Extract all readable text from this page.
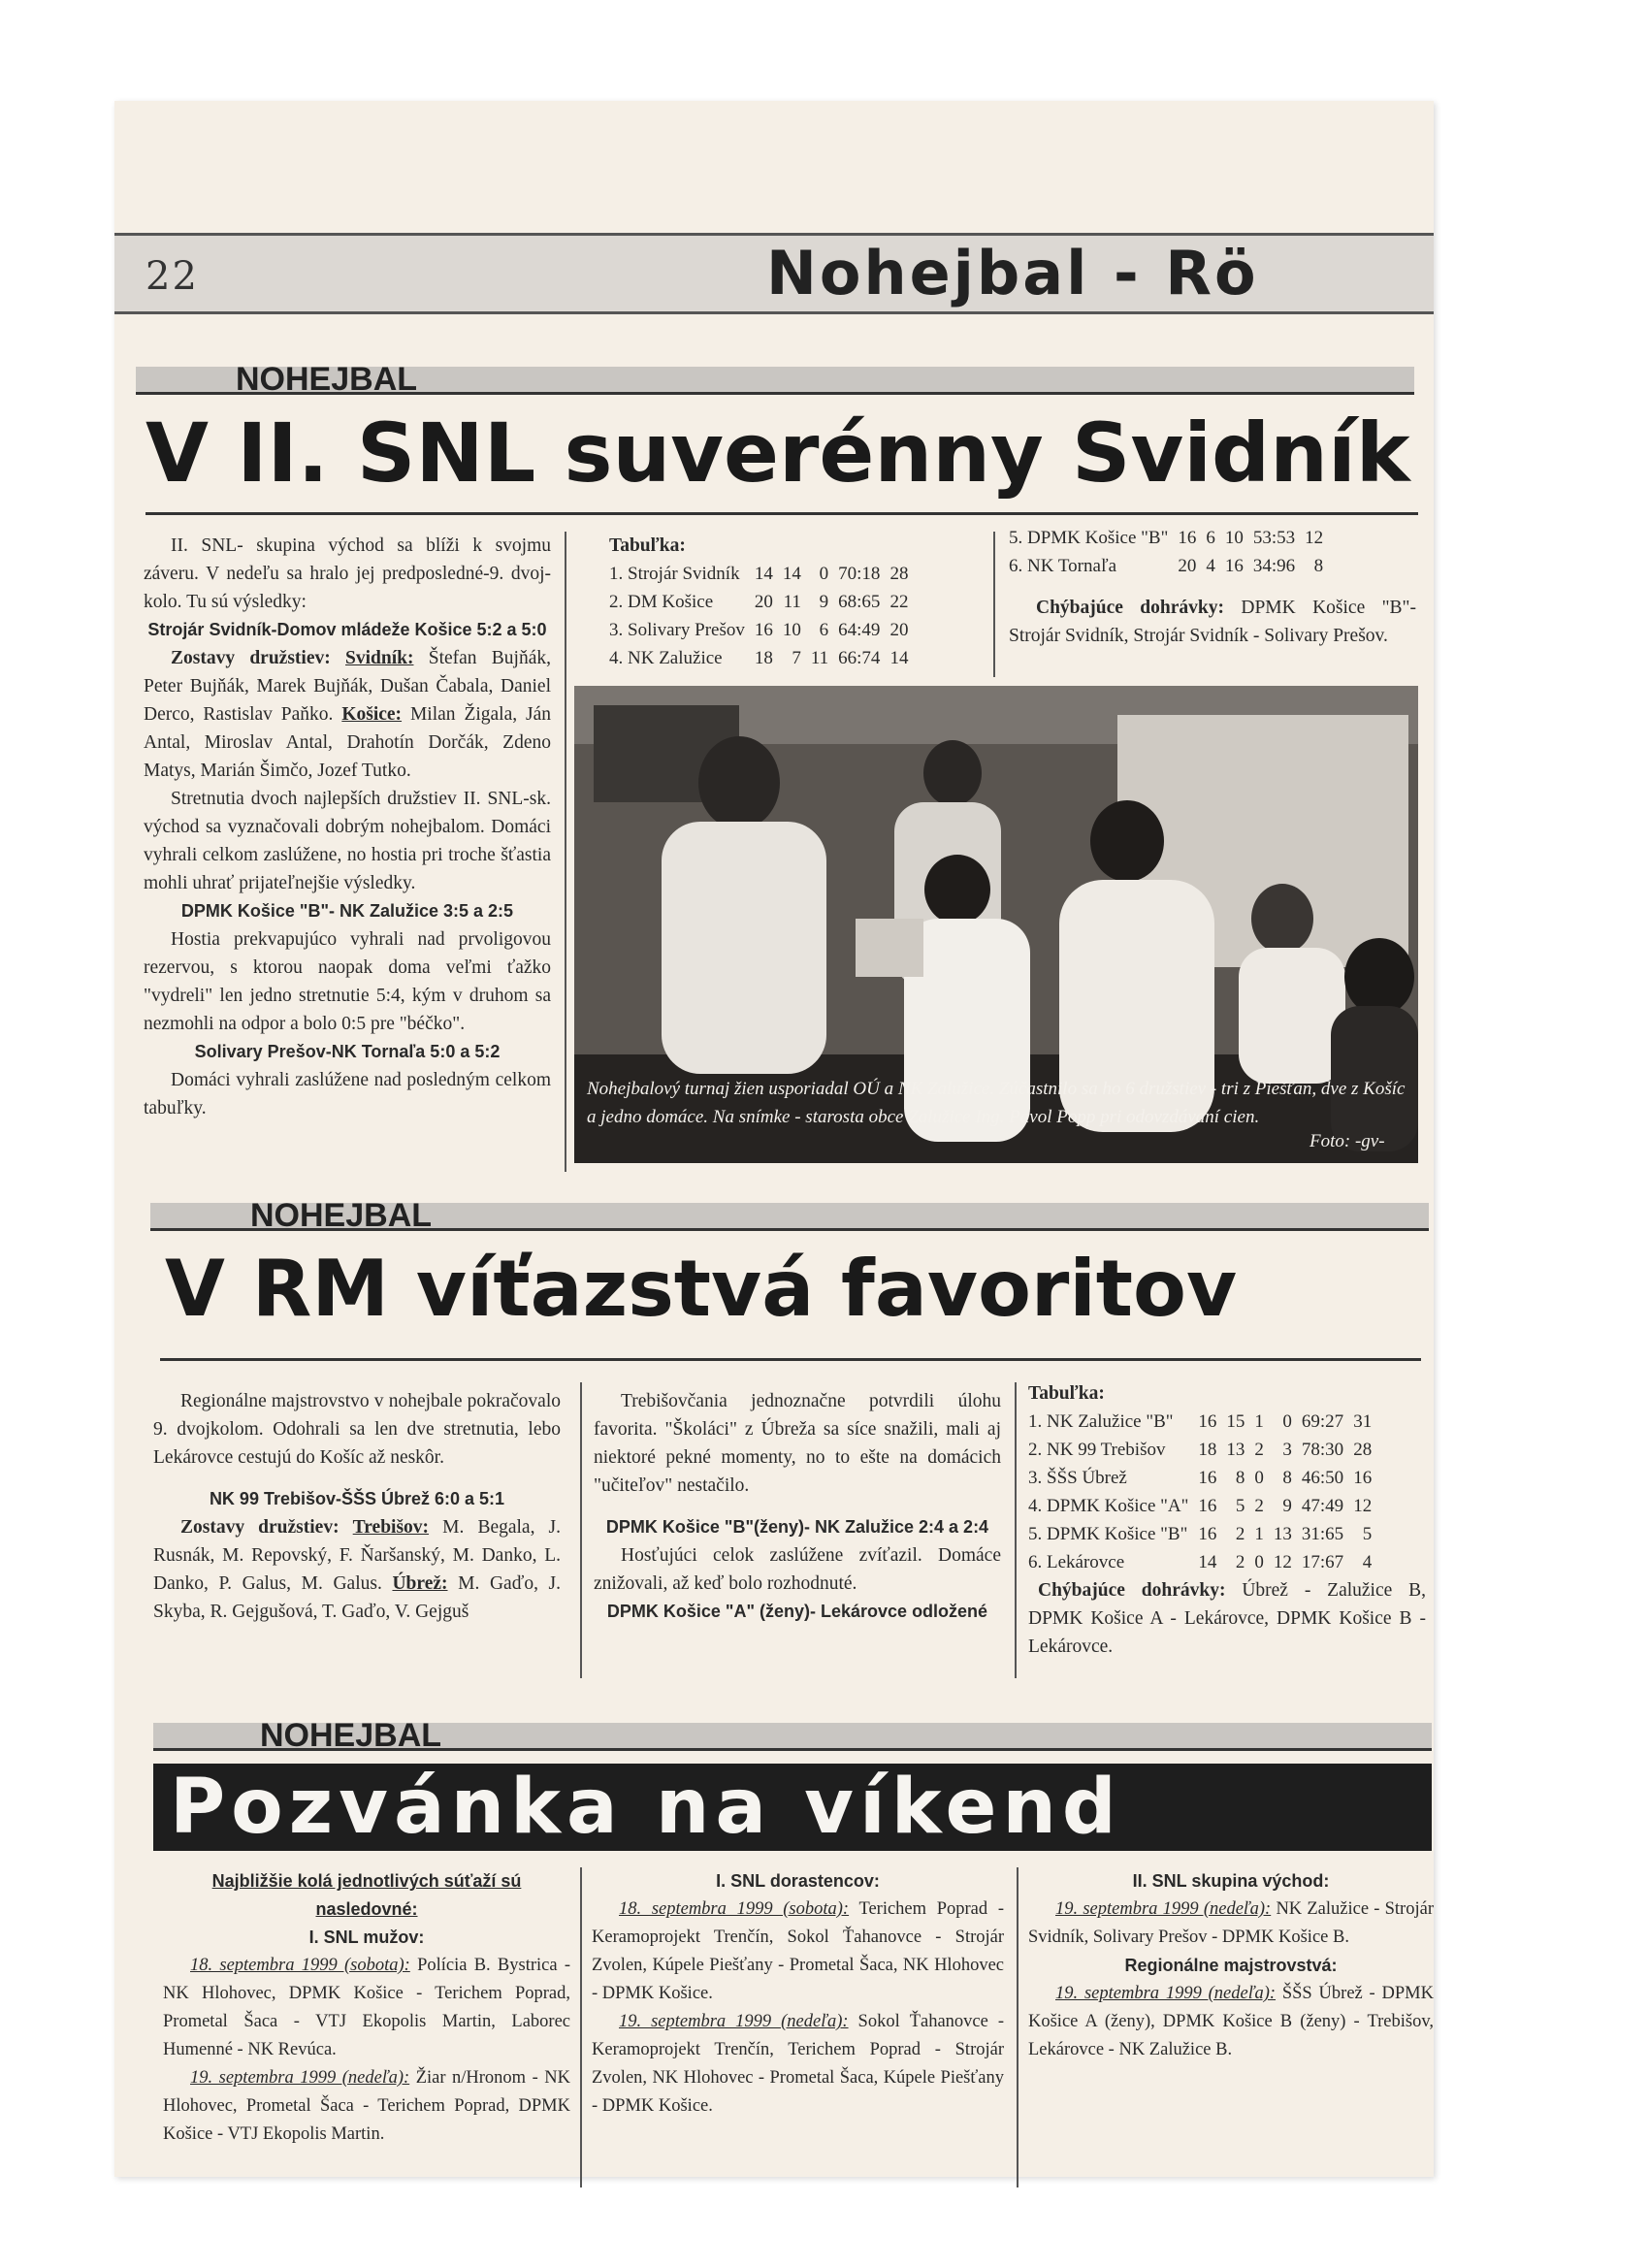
22	Nohejbal - Rö
NOHEJBAL
V II. SNL suverénny Svidník

II. SNL- skupina východ sa blíži k svojmu záveru. V nedeľu sa hralo jej predposledné-9. dvoj-kolo. Tu sú výsledky:

Strojár Svidník-Domov mládeže Košice 5:2 a 5:0

Zostavy družstiev: Svidník: Štefan Bujňák, Peter Bujňák, Marek Bujňák, Dušan Čabala, Daniel Derco, Rastislav Paňko. Košice: Milan Žigala, Ján Antal, Miroslav Antal, Drahotín Dorčák, Zdeno Matys, Marián Šimčo, Jozef Tutko.

Stretnutia dvoch najlepších družstiev II. SNL-sk. východ sa vyznačovali dobrým nohejbalom. Domáci vyhrali celkom zaslúžene, no hostia pri troche šťastia mohli uhrať prijateľnejšie výsledky.

DPMK Košice "B"- NK Zalužice 3:5 a 2:5

Hostia prekvapujúco vyhrali nad prvoligovou rezervou, s ktorou naopak doma veľmi ťažko "vydreli" len jedno stretnutie 5:4, kým v druhom sa nezmohli na odpor a bolo 0:5 pre "béčko".

Solivary Prešov-NK Tornaľa 5:0 a 5:2

Domáci vyhrali zaslúžene nad posledným celkom tabuľky.

Tabuľka:
1. Strojár Svidník	14	14	0	70:18	28
2. DM Košice	20	11	9	68:65	22
3. Solivary Prešov	16	10	6	64:49	20
4. NK Zalužice	18	7	11	66:74	14
5. DPMK Košice "B"	16	6	10	53:53	12
6. NK Tornaľa	20	4	16	34:96	8

Chýbajúce dohrávky: DPMK Košice "B"- Strojár Svidník, Strojár Svidník - Solivary Prešov.

Nohejbalový turnaj žien usporiadal OÚ a NK Zalužice. Zúčastnilo sa ho 6 družstiev - tri z Piešťan, dve z Košíc a jedno domáce. Na snímke - starosta obce Zalužice Ing. Pavol Popp pri odovzdávaní cien.
Foto: -gv-
NOHEJBAL
V RM víťazstvá favoritov

Regionálne majstrovstvo v nohejbale pokračovalo 9. dvojkolom. Odohrali sa len dve stretnutia, lebo Lekárovce cestujú do Košíc až neskôr.

NK 99 Trebišov-ŠŠS Úbrež 6:0 a 5:1

Zostavy družstiev: Trebišov: M. Begala, J. Rusnák, M. Repovský, F. Ňaršanský, M. Danko, L. Danko, P. Galus, M. Galus. Úbrež: M. Gaďo, J. Skyba, R. Gejgušová, T. Gaďo, V. Gejguš

Trebišovčania jednoznačne potvrdili úlohu favorita. "Školáci" z Úbreža sa síce snažili, mali aj niektoré pekné momenty, no to ešte na domácich "učiteľov" nestačilo.

DPMK Košice "B"(ženy)- NK Zalužice 2:4 a 2:4

Hosťujúci celok zaslúžene zvíťazil. Domáce znižovali, až keď bolo rozhodnuté.

DPMK Košice "A" (ženy)- Lekárovce odložené

Tabuľka:
1. NK Zalužice "B"	16	15	1	0	69:27	31
2. NK 99 Trebišov	18	13	2	3	78:30	28
3. ŠŠS Úbrež	16	8	0	8	46:50	16
4. DPMK Košice "A"	16	5	2	9	47:49	12
5. DPMK Košice "B"	16	2	1	13	31:65	5
6. Lekárovce	14	2	0	12	17:67	4

Chýbajúce dohrávky: Úbrež - Zalužice B, DPMK Košice A - Lekárovce, DPMK Košice B - Lekárovce.

NOHEJBAL
Pozvánka na víkend

Najbližšie kolá jednotlivých súťaží sú nasledovné:

I. SNL mužov:

18. septembra 1999 (sobota): Polícia B. Bystrica - NK Hlohovec, DPMK Košice - Terichem Poprad, Prometal Šaca - VTJ Ekopolis Martin, Laborec Humenné - NK Revúca.

19. septembra 1999 (nedeľa): Žiar n/Hronom - NK Hlohovec, Prometal Šaca - Terichem Poprad, DPMK Košice - VTJ Ekopolis Martin.

I. SNL dorastencov:

18. septembra 1999 (sobota): Terichem Poprad - Keramoprojekt Trenčín, Sokol Ťahanovce - Strojár Zvolen, Kúpele Piešťany - Prometal Šaca, NK Hlohovec - DPMK Košice.

19. septembra 1999 (nedeľa): Sokol Ťahanovce - Keramoprojekt Trenčín, Terichem Poprad - Strojár Zvolen, NK Hlohovec - Prometal Šaca, Kúpele Piešťany - DPMK Košice.

II. SNL skupina východ:

19. septembra 1999 (nedeľa): NK Zalužice - Strojár Svidník, Solivary Prešov - DPMK Košice B.

Regionálne majstrovstvá:

19. septembra 1999 (nedeľa): ŠŠS Úbrež - DPMK Košice A (ženy), DPMK Košice B (ženy) - Trebišov, Lekárovce - NK Zalužice B.
